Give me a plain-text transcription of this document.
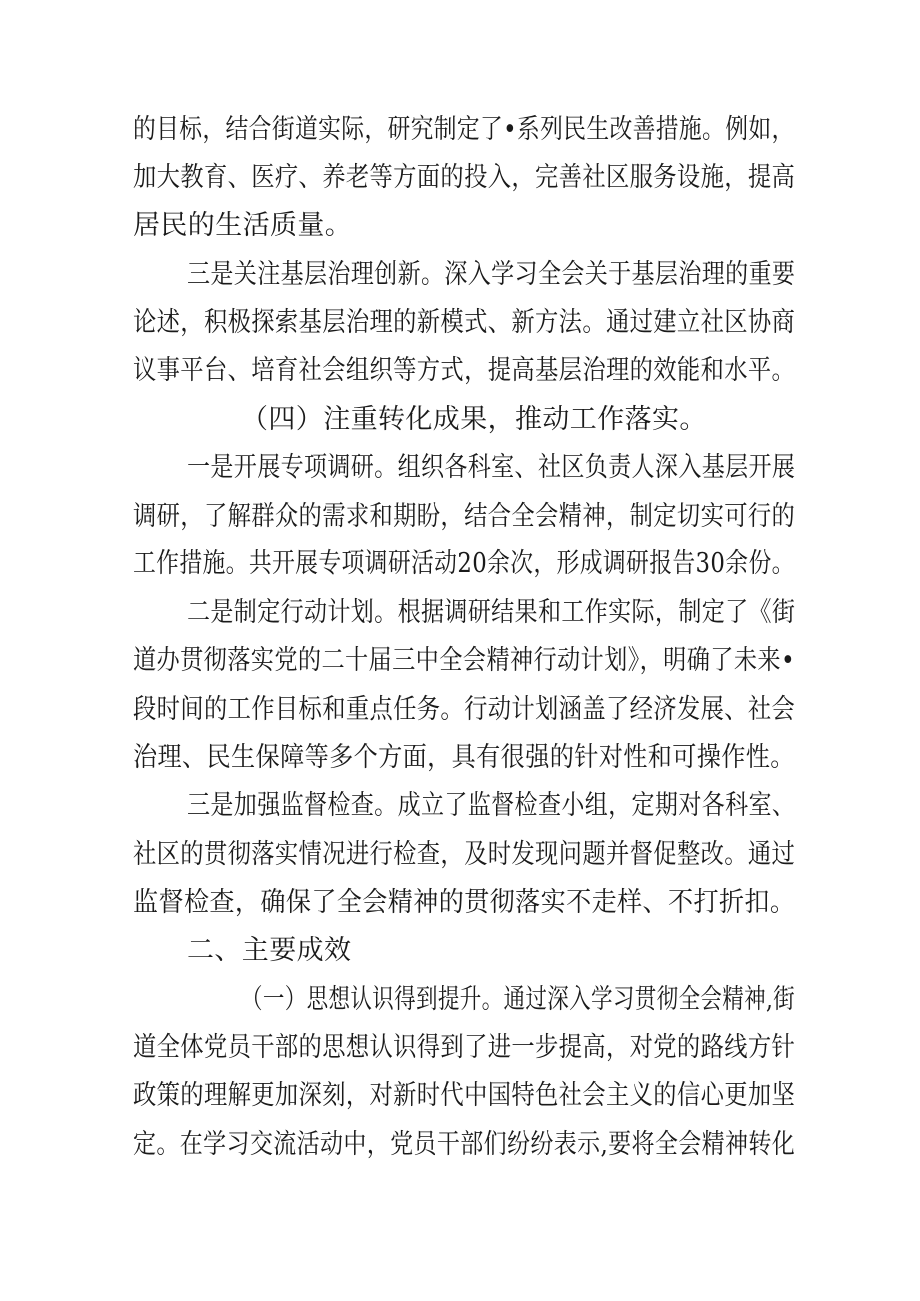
的目标，结合街道实际，研究制定了•系列民生改善措施。例如，
加大教育、医疗、养老等方面的投入，完善社区服务设施，提高
居民的生活质量。
三是关注基层治理创新。深入学习全会关于基层治理的重要
论述，积极探索基层治理的新模式、新方法。通过建立社区协商
议事平台、培育社会组织等方式，提高基层治理的效能和水平。
（四）注重转化成果，推动工作落实。
一是开展专项调研。组织各科室、社区负责人深入基层开展
调研，了解群众的需求和期盼，结合全会精神，制定切实可行的
工作措施。共开展专项调研活动20余次，形成调研报告30余份。
二是制定行动计划。根据调研结果和工作实际，制定了《街
道办贯彻落实党的二十届三中全会精神行动计划》，明确了未来•
段时间的工作目标和重点任务。行动计划涵盖了经济发展、社会
治理、民生保障等多个方面，具有很强的针对性和可操作性。
三是加强监督检查。成立了监督检查小组，定期对各科室、
社区的贯彻落实情况进行检查，及时发现问题并督促整改。通过
监督检查，确保了全会精神的贯彻落实不走样、不打折扣。
二、主要成效
（一）思想认识得到提升。通过深入学习贯彻全会精神,街
道全体党员干部的思想认识得到了进一步提高，对党的路线方针
政策的理解更加深刻，对新时代中国特色社会主义的信心更加坚
定。在学习交流活动中，党员干部们纷纷表示,要将全会精神转化
